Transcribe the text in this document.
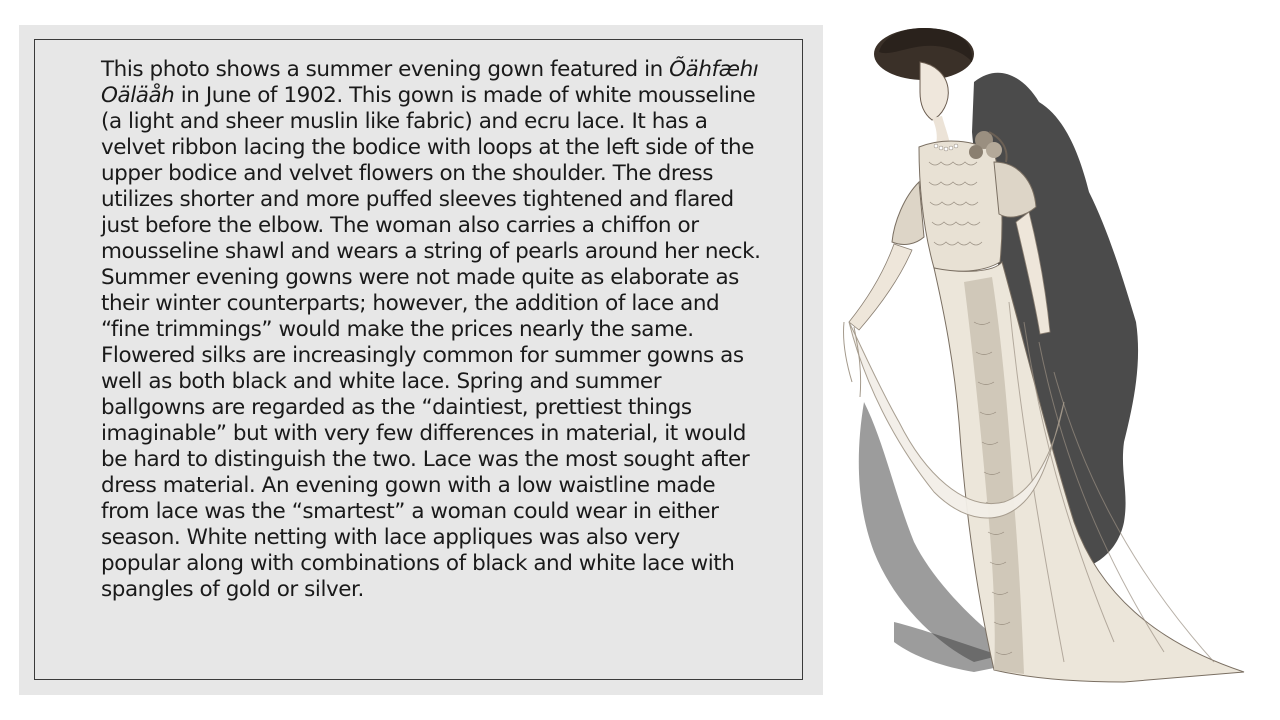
This photo shows a summer evening gown featured in Õähfæhı Oäläåh in June of 1902. This gown is made of white mousseline (a light and sheer muslin like fabric) and ecru lace. It has a velvet ribbon lacing the bodice with loops at the left side of the upper bodice and velvet flowers on the shoulder. The dress utilizes shorter and more puffed sleeves tightened and flared just before the elbow. The woman also carries a chiffon or mousseline shawl and wears a string of pearls around her neck. Summer evening gowns were not made quite as elaborate as their winter counterparts; however, the addition of lace and “fine trimmings” would make the prices nearly the same. Flowered silks are increasingly common for summer gowns as well as both black and white lace. Spring and summer ballgowns are regarded as the “daintiest, prettiest things imaginable” but with very few differences in material, it would be hard to distinguish the two. Lace was the most sought after dress material. An evening gown with a low waistline made from lace was the “smartest” a woman could wear in either season. White netting with lace appliques was also very popular along with combinations of black and white lace with spangles of gold or silver.
